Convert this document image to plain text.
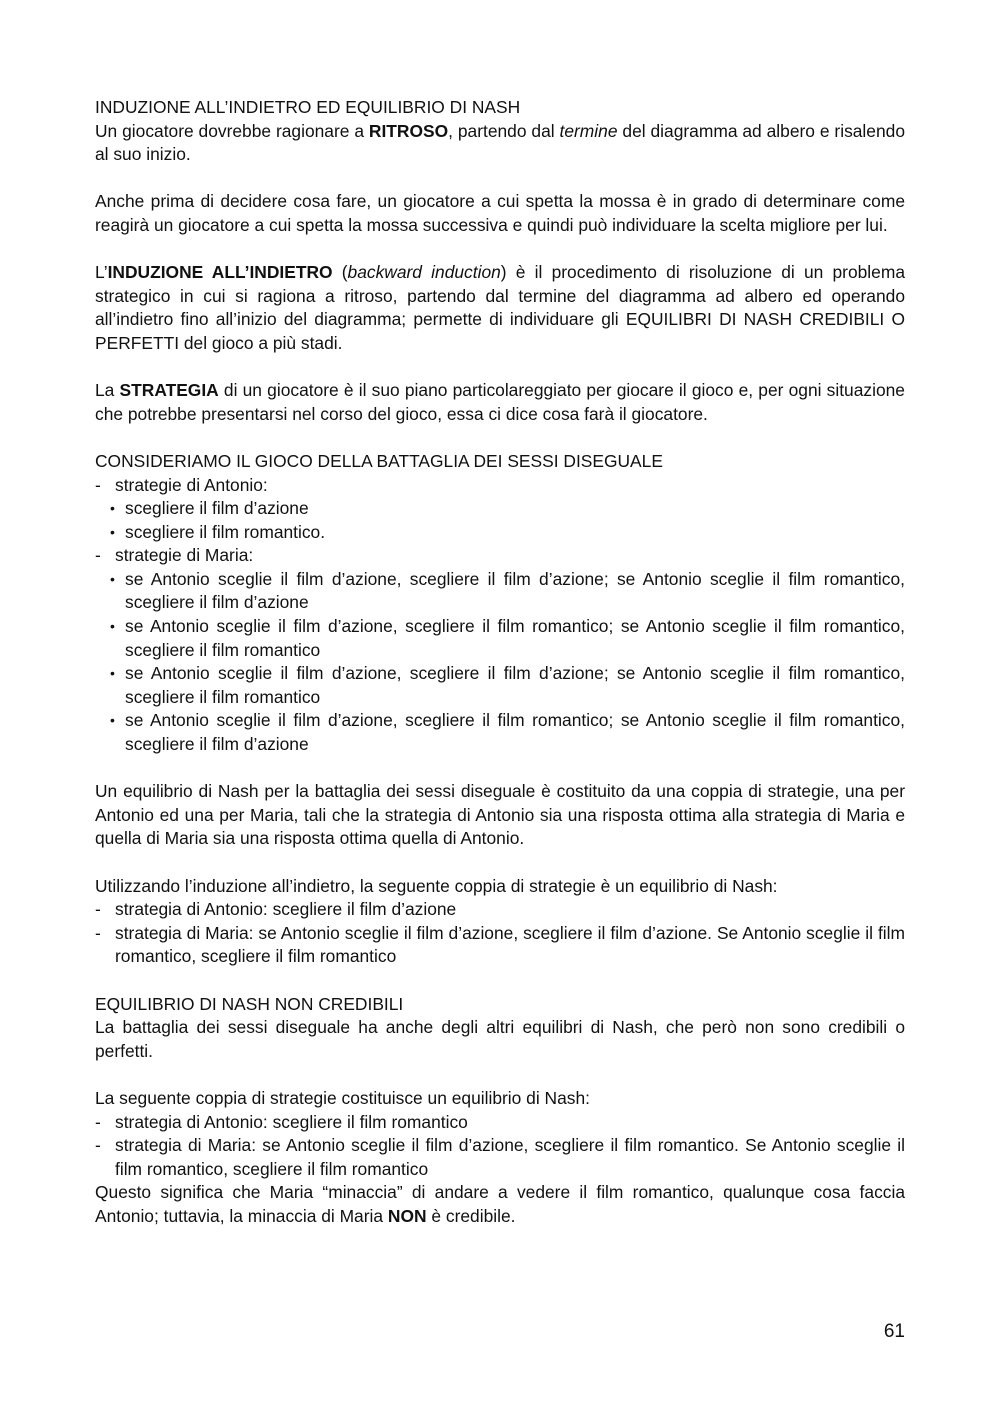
INDUZIONE ALL’INDIETRO ED EQUILIBRIO DI NASH

Un giocatore dovrebbe ragionare a RITROSO, partendo dal termine del diagramma ad albero e risalendo al suo inizio.

Anche prima di decidere cosa fare, un giocatore a cui spetta la mossa è in grado di determinare come reagirà un giocatore a cui spetta la mossa successiva e quindi può individuare la scelta migliore per lui.

L’INDUZIONE ALL’INDIETRO (backward induction) è il procedimento di risoluzione di un problema strategico in cui si ragiona a ritroso, partendo dal termine del diagramma ad albero ed operando all’indietro fino all’inizio del diagramma; permette di individuare gli EQUILIBRI DI NASH CREDIBILI O PERFETTI del gioco a più stadi.

La STRATEGIA di un giocatore è il suo piano particolareggiato per giocare il gioco e, per ogni situazione che potrebbe presentarsi nel corso del gioco, essa ci dice cosa farà il giocatore.

CONSIDERIAMO IL GIOCO DELLA BATTAGLIA DEI SESSI DISEGUALE

- strategie di Antonio:
• scegliere il film d’azione
• scegliere il film romantico.
- strategie di Maria:
• se Antonio sceglie il film d’azione, scegliere il film d’azione; se Antonio sceglie il film romantico, scegliere il film d’azione
• se Antonio sceglie il film d’azione, scegliere il film romantico; se Antonio sceglie il film romantico, scegliere il film romantico
• se Antonio sceglie il film d’azione, scegliere il film d’azione; se Antonio sceglie il film romantico, scegliere il film romantico
• se Antonio sceglie il film d’azione, scegliere il film romantico; se Antonio sceglie il film romantico, scegliere il film d’azione

Un equilibrio di Nash per la battaglia dei sessi diseguale è costituito da una coppia di strategie, una per Antonio ed una per Maria, tali che la strategia di Antonio sia una risposta ottima alla strategia di Maria e quella di Maria sia una risposta ottima quella di Antonio.

Utilizzando l’induzione all’indietro, la seguente coppia di strategie è un equilibrio di Nash:

- strategia di Antonio: scegliere il film d’azione
- strategia di Maria: se Antonio sceglie il film d’azione, scegliere il film d’azione. Se Antonio sceglie il film romantico, scegliere il film romantico

EQUILIBRIO DI NASH NON CREDIBILI

La battaglia dei sessi diseguale ha anche degli altri equilibri di Nash, che però non sono credibili o perfetti.

La seguente coppia di strategie costituisce un equilibrio di Nash:

- strategia di Antonio: scegliere il film romantico
- strategia di Maria: se Antonio sceglie il film d’azione, scegliere il film romantico. Se Antonio sceglie il film romantico, scegliere il film romantico

Questo significa che Maria “minaccia” di andare a vedere il film romantico, qualunque cosa faccia Antonio; tuttavia, la minaccia di Maria NON è credibile.

61
